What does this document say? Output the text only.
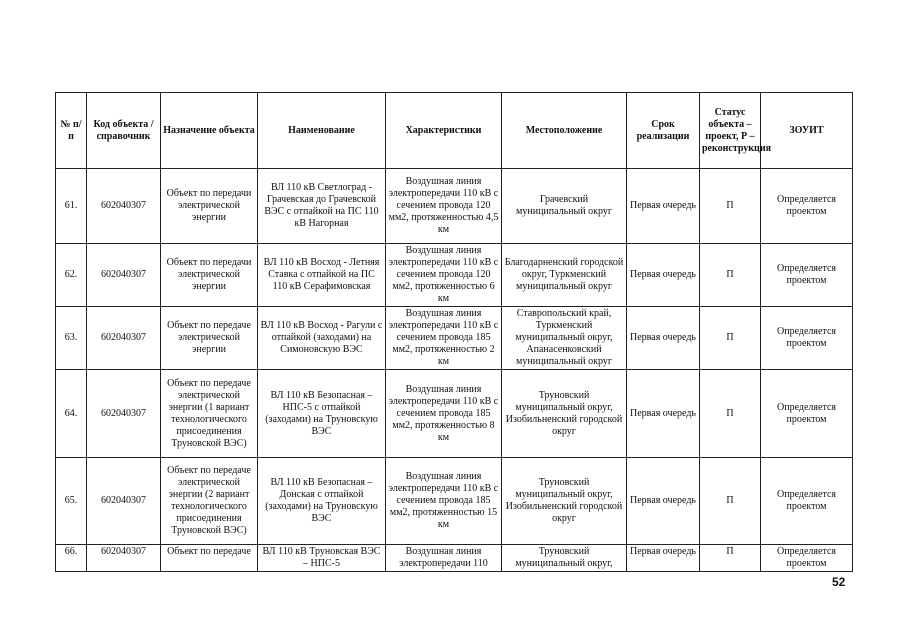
№ п/п	Код объекта / справочник	Назначение объекта	Наименование	Характеристики	Местоположение	Срок реализации	Статус объекта – проект, Р – реконструкция	ЗОУИТ
61.	602040307	Объект по передачи электрической энергии	ВЛ 110 кВ Светлоград - Грачевская до Грачевской ВЭС с отпайкой на ПС 110 кВ Нагорная	Воздушная линия электропередачи 110 кВ с сечением провода 120 мм2, протяженностью 4,5 км	Грачевский муниципальный округ	Первая очередь	П	Определяется проектом
62.	602040307	Объект по передачи электрической энергии	ВЛ 110 кВ Восход - Летняя Ставка с отпайкой на ПС 110 кВ Серафимовская	Воздушная линия электропередачи 110 кВ с сечением провода 120 мм2, протяженностью 6 км	Благодарненский городской округ, Туркменский муниципальный округ	Первая очередь	П	Определяется проектом
63.	602040307	Объект по передаче электрической энергии	ВЛ 110 кВ Восход - Рагули с отпайкой (заходами) на Симоновскую ВЭС	Воздушная линия электропередачи 110 кВ с сечением провода 185 мм2, протяженностью 2 км	Ставропольский край, Туркменский муниципальный округ, Апанасенковский муниципальный округ	Первая очередь	П	Определяется проектом
64.	602040307	Объект по передаче электрической энергии (1 вариант технологического присоединения Труновской ВЭС)	ВЛ 110 кВ Безопасная – НПС-5 с отпайкой (заходами) на Труновскую ВЭС	Воздушная линия электропередачи 110 кВ с сечением провода 185 мм2, протяженностью 8 км	Труновский муниципальный округ, Изобильненский городской округ	Первая очередь	П	Определяется проектом
65.	602040307	Объект по передаче электрической энергии (2 вариант технологического присоединения Труновской ВЭС)	ВЛ 110 кВ Безопасная – Донская с отпайкой (заходами) на Труновскую ВЭС	Воздушная линия электропередачи 110 кВ с сечением провода 185 мм2, протяженностью 15 км	Труновский муниципальный округ, Изобильненский городской округ	Первая очередь	П	Определяется проектом
66.	602040307	Объект по передаче	ВЛ 110 кВ Труновская ВЭС – НПС-5	Воздушная линия электропередачи 110	Труновский муниципальный округ,	Первая очередь	П	Определяется проектом
52
